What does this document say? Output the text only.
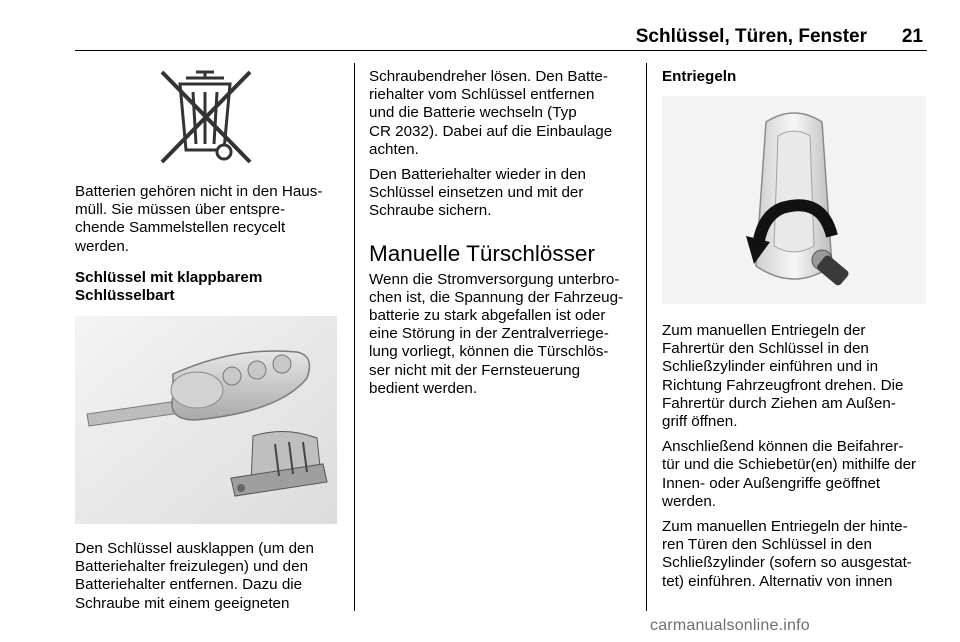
Schlüssel, Türen, Fenster 21

Batterien gehören nicht in den Haus-
müll. Sie müssen über entspre-
chende Sammelstellen recycelt
werden.

Schlüssel mit klappbarem
Schlüsselbart

Den Schlüssel ausklappen (um den
Batteriehalter freizulegen) und den
Batteriehalter entfernen. Dazu die
Schraube mit einem geeigneten

Schraubendreher lösen. Den Batte-
riehalter vom Schlüssel entfernen
und die Batterie wechseln (Typ
CR 2032). Dabei auf die Einbaulage
achten.

Den Batteriehalter wieder in den
Schlüssel einsetzen und mit der
Schraube sichern.

Manuelle Türschlösser

Wenn die Stromversorgung unterbro-
chen ist, die Spannung der Fahrzeug-
batterie zu stark abgefallen ist oder
eine Störung in der Zentralverriege-
lung vorliegt, können die Türschlös-
ser nicht mit der Fernsteuerung
bedient werden.

Entriegeln

Zum manuellen Entriegeln der
Fahrertür den Schlüssel in den
Schließzylinder einführen und in
Richtung Fahrzeugfront drehen. Die
Fahrertür durch Ziehen am Außen-
griff öffnen.

Anschließend können die Beifahrer-
tür und die Schiebetür(en) mithilfe der
Innen- oder Außengriffe geöffnet
werden.

Zum manuellen Entriegeln der hinte-
ren Türen den Schlüssel in den
Schließzylinder (sofern so ausgestat-
tet) einführen. Alternativ von innen

carmanualsonline.info
